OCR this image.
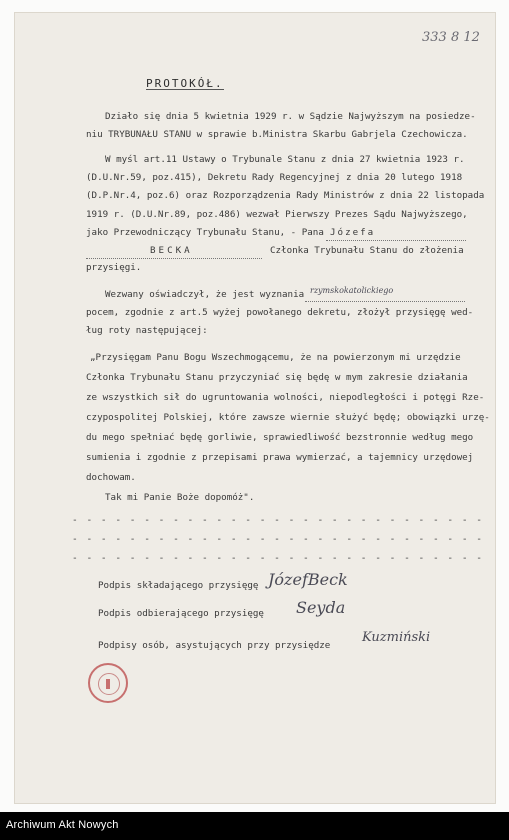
333 8 12
PROTOKÓŁ.
Działo się dnia 5 kwietnia 1929 r. w Sądzie Najwyższym na posiedze-
niu TRYBUNAŁU STANU w sprawie b.Ministra Skarbu Gabrjela Czechowicza.
W myśl art.11 Ustawy o Trybunale Stanu z dnia 27 kwietnia 1923 r.
(D.U.Nr.59, poz.415), Dekretu Rady Regencyjnej z dnia 20 lutego 1918
(D.P.Nr.4, poz.6) oraz Rozporządzenia Rady Ministrów z dnia 22 listopada
1919 r. (D.U.Nr.89, poz.486) wezwał Pierwszy Prezes Sądu Najwyższego,
jako Przewodniczący Trybunału Stanu, - Pana Józefa
BECKA	Członka Trybunału Stanu do złożenia
przysięgi.
Wezwany oświadczył, że jest wyznania rzymskokatolickiego
pocem, zgodnie z art.5 wyżej powołanego dekretu, złożył przysięgę wed-
ług roty następującej:
„Przysięgam Panu Bogu Wszechmogącemu, że na powierzonym mi urzędzie
Członka Trybunału Stanu przyczyniać się będę w mym zakresie działania
ze wszystkich sił do ugruntowania wolności, niepodległości i potęgi Rze-
czypospolitej Polskiej, które zawsze wiernie służyć będę; obowiązki urzę-
du mego spełniać będę gorliwie, sprawiedliwość bezstronnie według mego
sumienia i zgodnie z przepisami prawa wymierzać, a tajemnicy urzędowej
dochowam.
Tak mi Panie Boże dopomóż".
- - - - - - - - - - - - - - - - - - - - - - - - - - - - -
- - - - - - - - - - - - - - - - - - - - - - - - - - - - -
- - - - - - - - - - - - - - - - - - - - - - - - - - - - -
Podpis składającego przysięgę JózefBeck
Podpis odbierającego przysięgę Seyda
Podpisy osób, asystujących przy przysiędze
Kuzmiński
Archiwum Akt Nowych
